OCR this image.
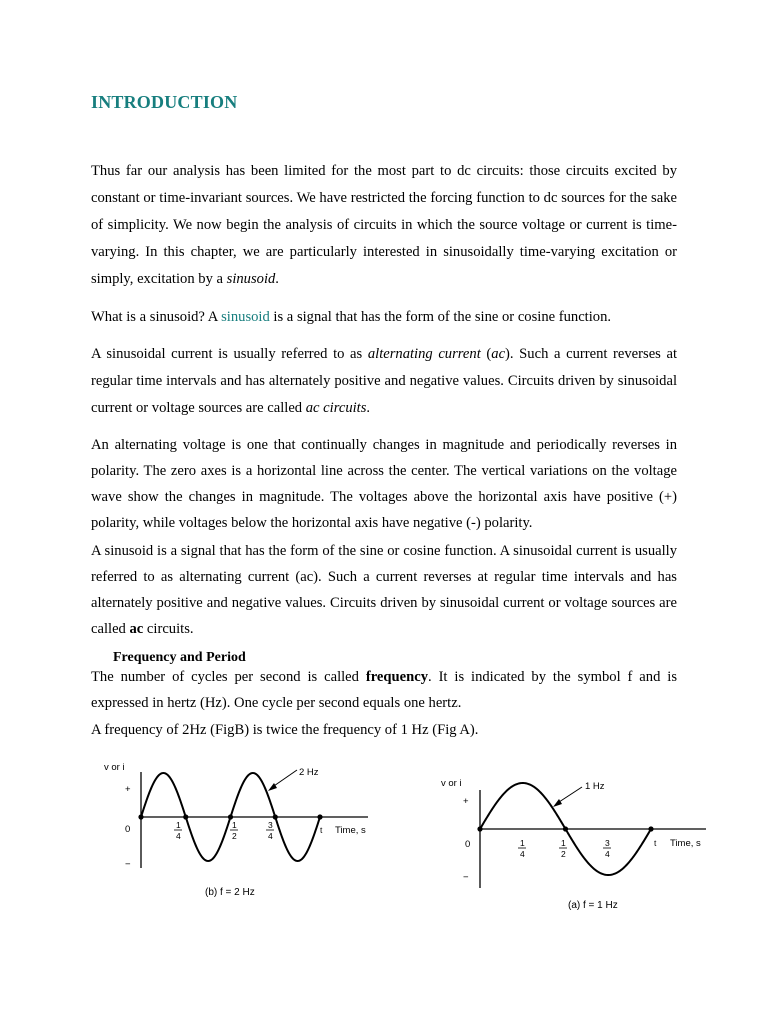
INTRODUCTION

Thus far our analysis has been limited for the most part to dc circuits: those circuits excited by constant or time-invariant sources. We have restricted the forcing function to dc sources for the sake of simplicity. We now begin the analysis of circuits in which the source voltage or current is time-varying. In this chapter, we are particularly interested in sinusoidally time-varying excitation or simply, excitation by a sinusoid.

What is a sinusoid? A sinusoid is a signal that has the form of the sine or cosine function.

A sinusoidal current is usually referred to as alternating current (ac). Such a current reverses at regular time intervals and has alternately positive and negative values. Circuits driven by sinusoidal current or voltage sources are called ac circuits.

An alternating voltage is one that continually changes in magnitude and periodically reverses in polarity. The zero axes is a horizontal line across the center. The vertical variations on the voltage wave show the changes in magnitude. The voltages above the horizontal axis have positive (+) polarity, while voltages below the horizontal axis have negative (-) polarity.

A sinusoid is a signal that has the form of the sine or cosine function. A sinusoidal current is usually referred to as alternating current (ac). Such a current reverses at regular time intervals and has alternately positive and negative values. Circuits driven by sinusoidal current or voltage sources are called ac circuits.

Frequency and Period

The number of cycles per second is called frequency. It is indicated by the symbol f and is expressed in hertz (Hz). One cycle per second equals one hertz.

A frequency of 2Hz (FigB) is twice the frequency of 1 Hz (Fig A).

v or i
+
0
−
1
4
1
2
3
4
t Time, s
2 Hz
(b) f = 2 Hz
v or i
+
0
−
1
4
1
2
3
4
t Time, s
1 Hz
(a) f = 1 Hz
